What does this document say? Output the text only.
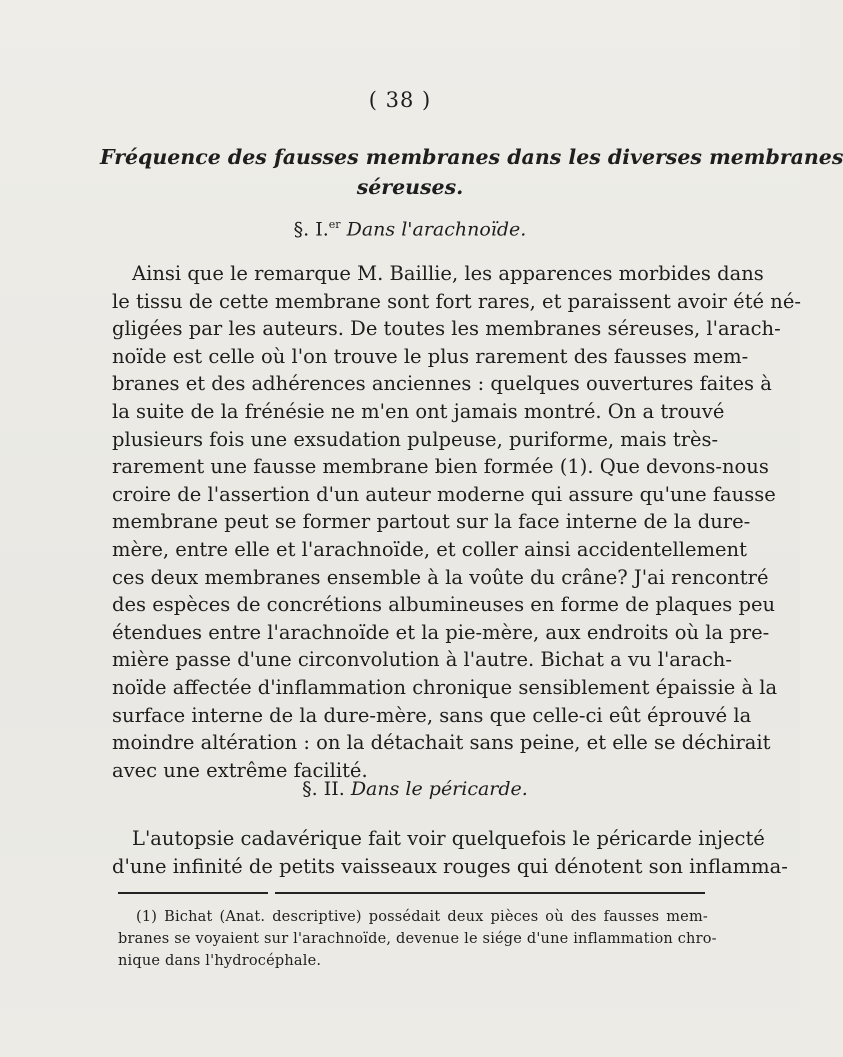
( 38 )
Fréquence des fausses membranes dans les diverses membranes
séreuses.
§. I.$^{er}$ Dans l'arachnoïde.
Ainsi que le remarque M. Baillie, les apparences morbides dans
le tissu de cette membrane sont fort rares, et paraissent avoir été né-
gligées par les auteurs. De toutes les membranes séreuses, l'arach-
noïde est celle où l'on trouve le plus rarement des fausses mem-
branes et des adhérences anciennes : quelques ouvertures faites à
la suite de la frénésie ne m'en ont jamais montré. On a trouvé
plusieurs fois une exsudation pulpeuse, puriforme, mais très-
rarement une fausse membrane bien formée (1). Que devons-nous
croire de l'assertion d'un auteur moderne qui assure qu'une fausse
membrane peut se former partout sur la face interne de la dure-
mère, entre elle et l'arachnoïde, et coller ainsi accidentellement
ces deux membranes ensemble à la voûte du crâne? J'ai rencontré
des espèces de concrétions albumineuses en forme de plaques peu
étendues entre l'arachnoïde et la pie-mère, aux endroits où la pre-
mière passe d'une circonvolution à l'autre. Bichat a vu l'arach-
noïde affectée d'inflammation chronique sensiblement épaissie à la
surface interne de la dure-mère, sans que celle-ci eût éprouvé la
moindre altération : on la détachait sans peine, et elle se déchirait
avec une extrême facilité.
§. II. Dans le péricarde.
L'autopsie cadavérique fait voir quelquefois le péricarde injecté
d'une infinité de petits vaisseaux rouges qui dénotent son inflamma-
(1) Bichat (Anat. descriptive) possédait deux pièces où des fausses mem-
branes se voyaient sur l'arachnoïde, devenue le siége d'une inflammation chro-
nique dans l'hydrocéphale.
